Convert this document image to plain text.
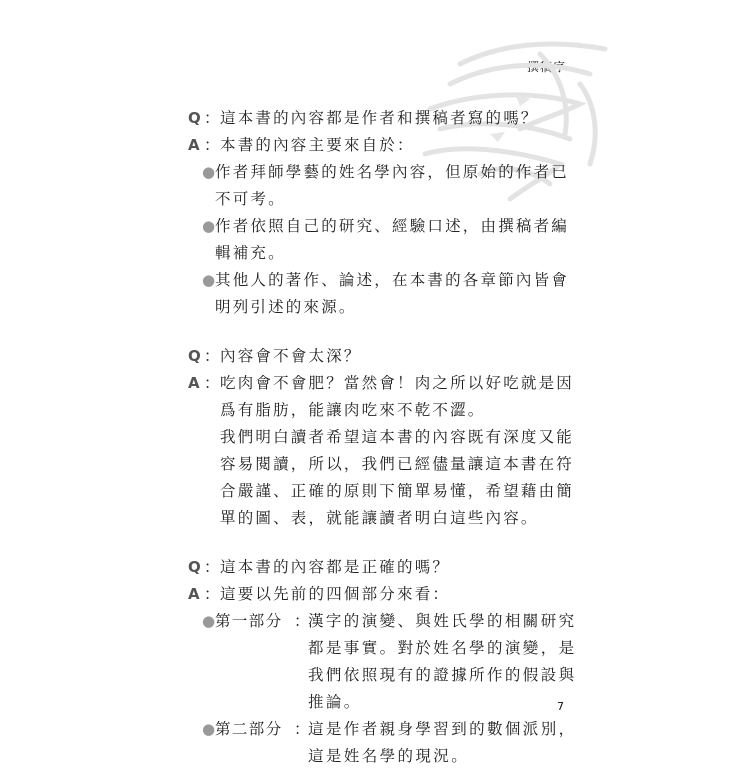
撰稿序
Q ： 這本書的內容都是作者和撰稿者寫的嗎？
A ： 本書的內容主要來自於：
● 作者拜師學藝的姓名學內容，但原始的作者已不可考。
● 作者依照自己的研究、經驗口述，由撰稿者編輯補充。
● 其他人的著作、論述，在本書的各章節內皆會明列引述的來源。
Q ： 內容會不會太深？
A ： 吃肉會不會肥？當然會！肉之所以好吃就是因爲有脂肪，能讓肉吃來不乾不澀。
我們明白讀者希望這本書的內容既有深度又能容易閱讀，所以，我們已經儘量讓這本書在符合嚴謹、正確的原則下簡單易懂，希望藉由簡單的圖、表，就能讓讀者明白這些內容。
Q ： 這本書的內容都是正確的嗎？
A ： 這要以先前的四個部分來看：
● 第一部分 ：
漢字的演變、與姓氏學的相關研究都是事實。對於姓名學的演變，是我們依照現有的證據所作的假設與推論。
● 第二部分 ：
這是作者親身學習到的數個派別，這是姓名學的現況。
7
